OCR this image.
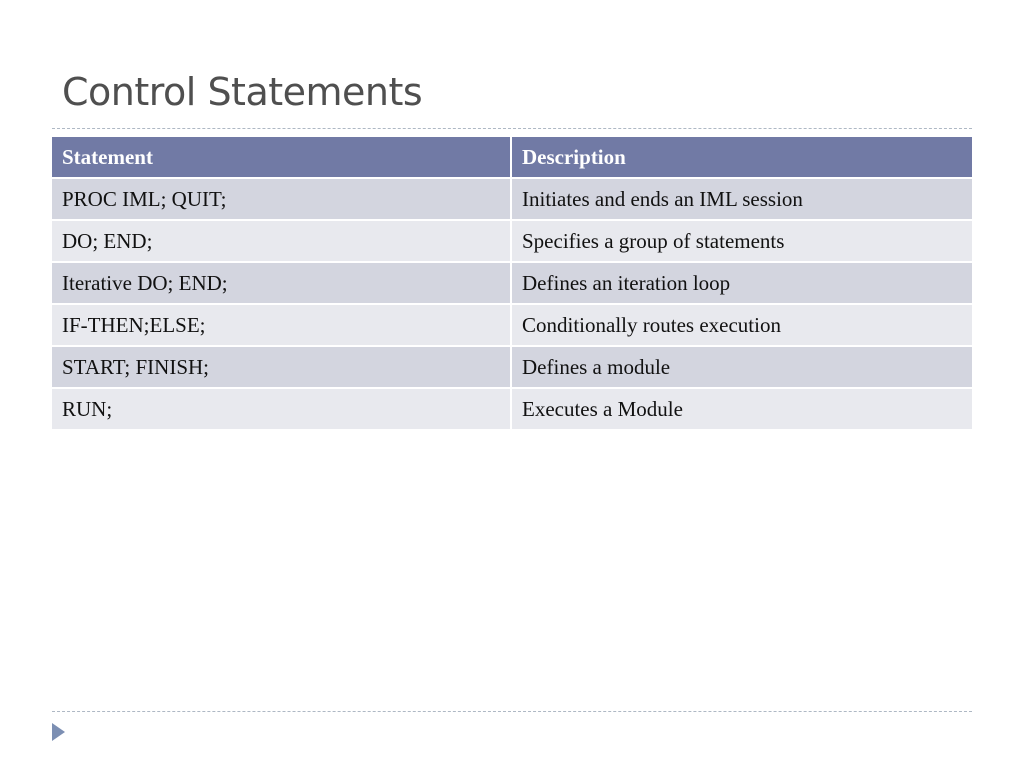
Control Statements
Statement	Description
PROC IML; QUIT;	Initiates and ends an IML session
DO; END;	Specifies a group of statements
Iterative DO; END;	Defines an iteration loop
IF-THEN;ELSE;	Conditionally routes execution
START; FINISH;	Defines a module
RUN;	Executes a Module
